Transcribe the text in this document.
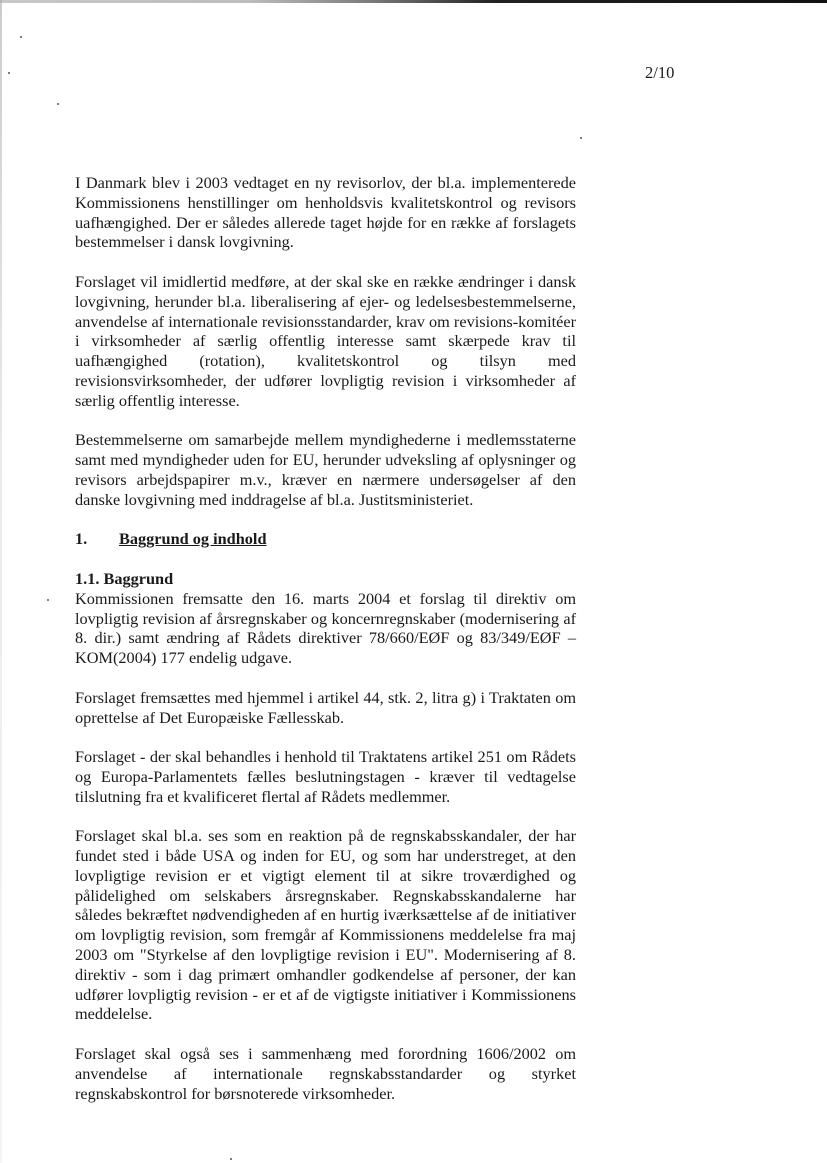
2/10

I Danmark blev i 2003 vedtaget en ny revisorlov, der bl.a. implementerede Kommissionens henstillinger om henholdsvis kvalitetskontrol og revisors uafhængighed. Der er således allerede taget højde for en række af forslagets bestemmelser i dansk lovgivning.

Forslaget vil imidlertid medføre, at der skal ske en række ændringer i dansk lovgivning, herunder bl.a. liberalisering af ejer- og ledelsesbestemmelserne, anvendelse af internationale revisionsstandarder, krav om revisions-komitéer i virksomheder af særlig offentlig interesse samt skærpede krav til uafhængighed (rotation), kvalitetskontrol og tilsyn med revisionsvirksomheder, der udfører lovpligtig revision i virksomheder af særlig offentlig interesse.

Bestemmelserne om samarbejde mellem myndighederne i medlemsstaterne samt med myndigheder uden for EU, herunder udveksling af oplysninger og revisors arbejdspapirer m.v., kræver en nærmere undersøgelser af den danske lovgivning med inddragelse af bl.a. Justitsministeriet.

1.	Baggrund og indhold
1.1. Baggrund

Kommissionen fremsatte den 16. marts 2004 et forslag til direktiv om lovpligtig revision af årsregnskaber og koncernregnskaber (modernisering af 8. dir.) samt ændring af Rådets direktiver 78/660/EØF og 83/349/EØF – KOM(2004) 177 endelig udgave.

Forslaget fremsættes med hjemmel i artikel 44, stk. 2, litra g) i Traktaten om oprettelse af Det Europæiske Fællesskab.

Forslaget - der skal behandles i henhold til Traktatens artikel 251 om Rådets og Europa-Parlamentets fælles beslutningstagen - kræver til vedtagelse tilslutning fra et kvalificeret flertal af Rådets medlemmer.

Forslaget skal bl.a. ses som en reaktion på de regnskabsskandaler, der har fundet sted i både USA og inden for EU, og som har understreget, at den lovpligtige revision er et vigtigt element til at sikre troværdighed og pålidelighed om selskabers årsregnskaber. Regnskabsskandalerne har således bekræftet nødvendigheden af en hurtig iværksættelse af de initiativer om lovpligtig revision, som fremgår af Kommissionens meddelelse fra maj 2003 om "Styrkelse af den lovpligtige revision i EU". Modernisering af 8. direktiv - som i dag primært omhandler godkendelse af personer, der kan udfører lovpligtig revision - er et af de vigtigste initiativer i Kommissionens meddelelse.

Forslaget skal også ses i sammenhæng med forordning 1606/2002 om anvendelse af internationale regnskabsstandarder og styrket regnskabskontrol for børsnoterede virksomheder.
